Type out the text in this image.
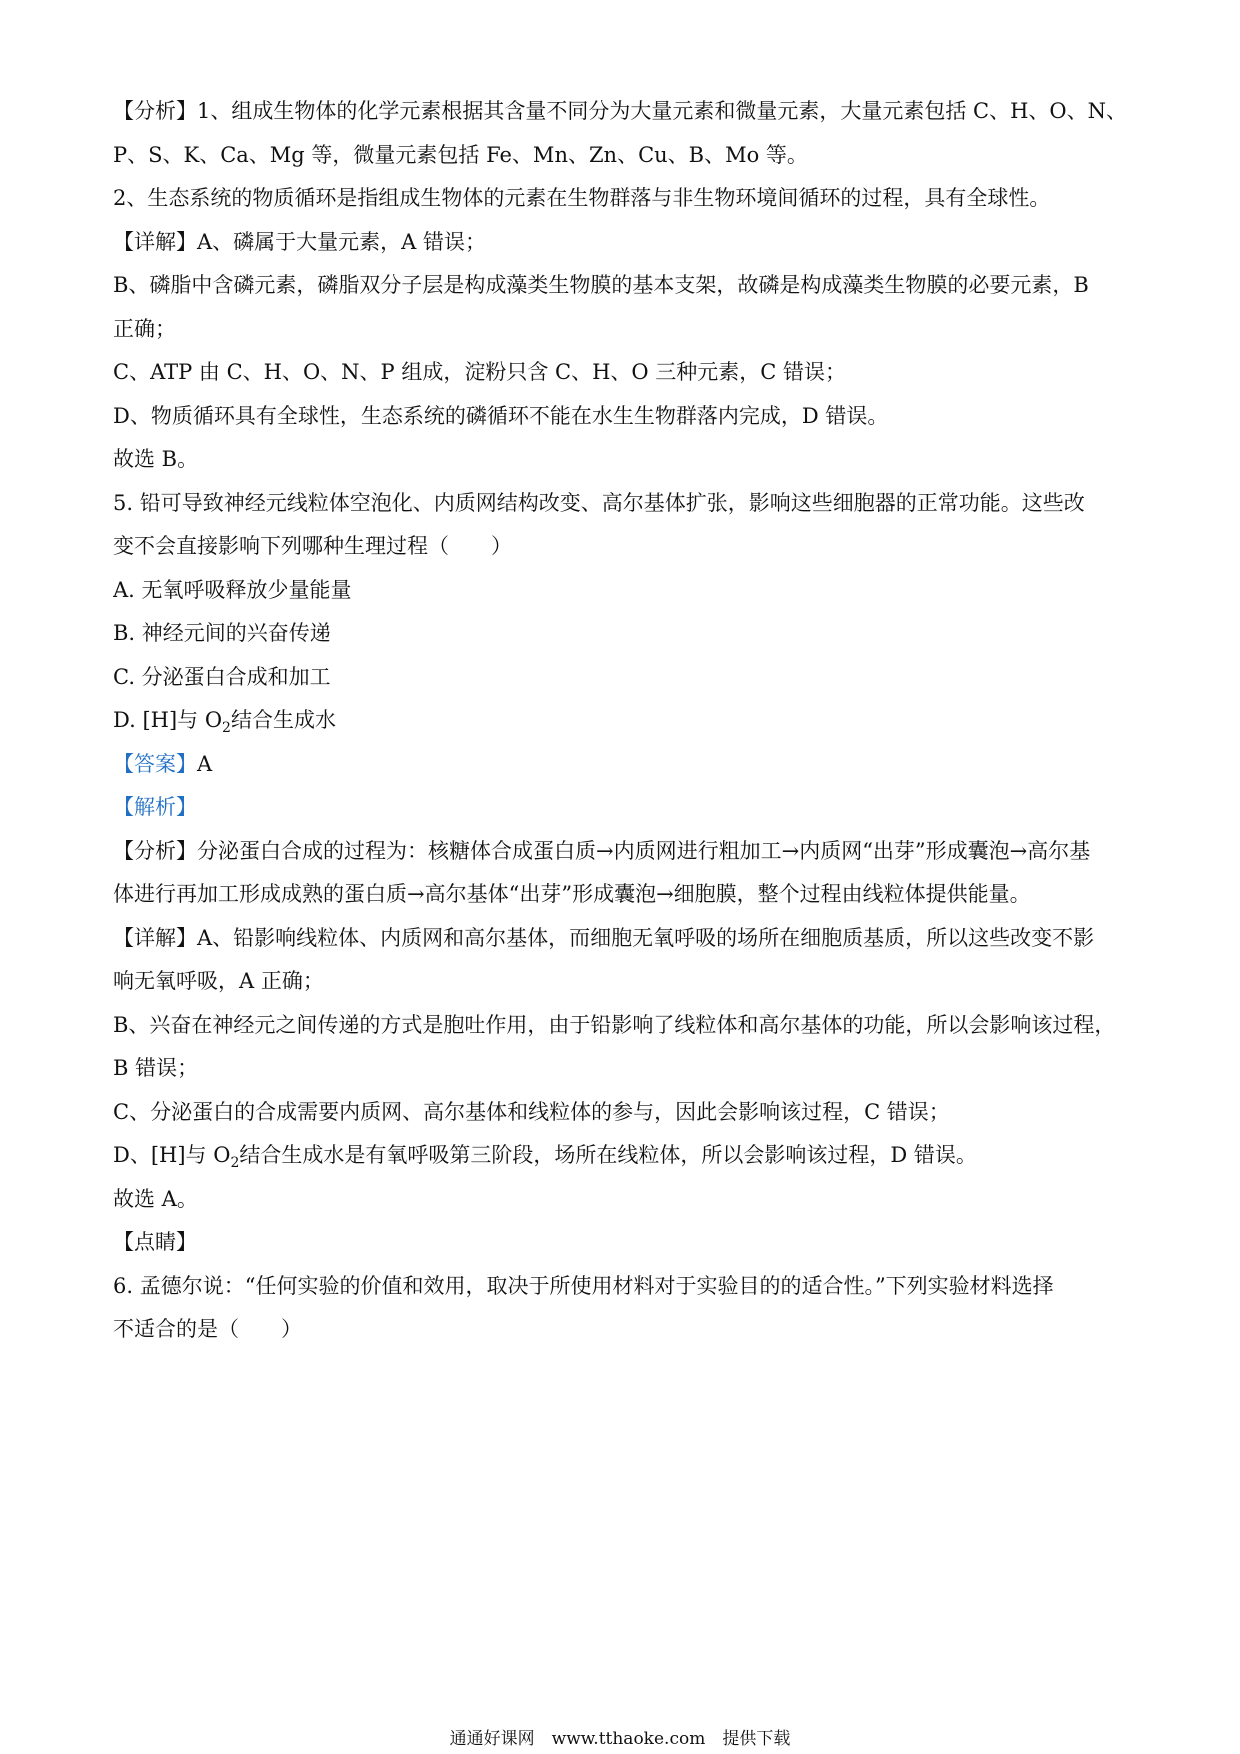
【分析】1、组成生物体的化学元素根据其含量不同分为大量元素和微量元素，大量元素包括 C、H、O、N、
P、S、K、Ca、Mg 等，微量元素包括 Fe、Mn、Zn、Cu、B、Mo 等。
2、生态系统的物质循环是指组成生物体的元素在生物群落与非生物环境间循环的过程，具有全球性。
【详解】A、磷属于大量元素，A 错误；
B、磷脂中含磷元素，磷脂双分子层是构成藻类生物膜的基本支架，故磷是构成藻类生物膜的必要元素，B
正确；
C、ATP 由 C、H、O、N、P 组成，淀粉只含 C、H、O 三种元素，C 错误；
D、物质循环具有全球性，生态系统的磷循环不能在水生生物群落内完成，D 错误。
故选 B。
5. 铅可导致神经元线粒体空泡化、内质网结构改变、高尔基体扩张，影响这些细胞器的正常功能。这些改
变不会直接影响下列哪种生理过程（　　）
A. 无氧呼吸释放少量能量
B. 神经元间的兴奋传递
C. 分泌蛋白合成和加工
D. [H]与 $O_2$结合生成水
【答案】A
【解析】
【分析】分泌蛋白合成的过程为：核糖体合成蛋白质→内质网进行粗加工→内质网“出芽”形成囊泡→高尔基
体进行再加工形成成熟的蛋白质→高尔基体“出芽”形成囊泡→细胞膜，整个过程由线粒体提供能量。
【详解】A、铅影响线粒体、内质网和高尔基体，而细胞无氧呼吸的场所在细胞质基质，所以这些改变不影
响无氧呼吸，A 正确；
B、兴奋在神经元之间传递的方式是胞吐作用，由于铅影响了线粒体和高尔基体的功能，所以会影响该过程，
B 错误；
C、分泌蛋白的合成需要内质网、高尔基体和线粒体的参与，因此会影响该过程，C 错误；
D、[H]与 $O_2$结合生成水是有氧呼吸第三阶段，场所在线粒体，所以会影响该过程，D 错误。
故选 A。
【点睛】
6. 孟德尔说：“任何实验的价值和效用，取决于所使用材料对于实验目的的适合性。”下列实验材料选择
不适合的是（　　）
通通好课网　www.tthaoke.com　提供下载
